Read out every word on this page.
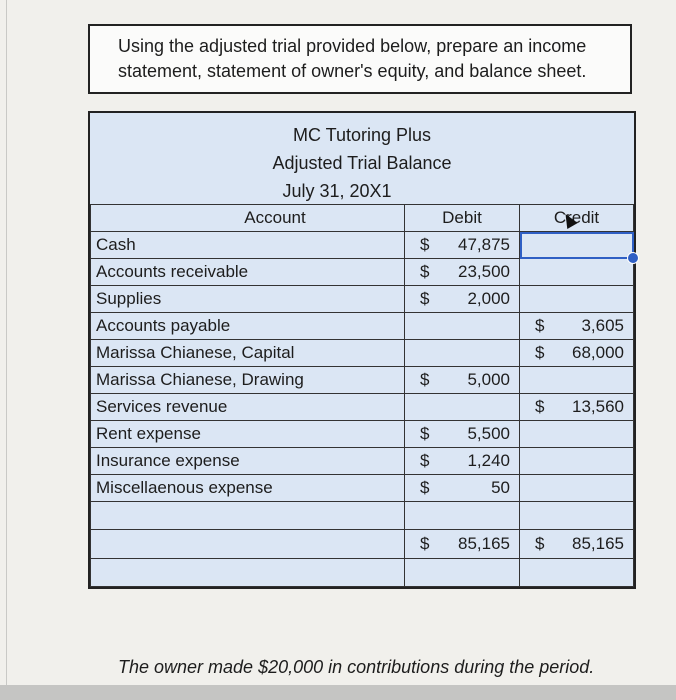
Using the adjusted trial provided below, prepare an income
statement, statement of owner's equity, and balance sheet.
MC Tutoring Plus
Adjusted Trial Balance
July 31, 20X1
Account	Debit	Credit
Cash	$ 47,875	

Accounts receivable	$ 23,500	

Supplies	$ 2,000	

Accounts payable		$ 3,605

Marissa Chianese, Capital		$ 68,000

Marissa Chianese, Drawing	$ 5,000	

Services revenue		$ 13,560

Rent expense	$ 5,500	

Insurance expense	$ 1,240	

Miscellaenous expense	$ 50	

	$ 85,165	$ 85,165

The owner made $20,000 in contributions during the period.
